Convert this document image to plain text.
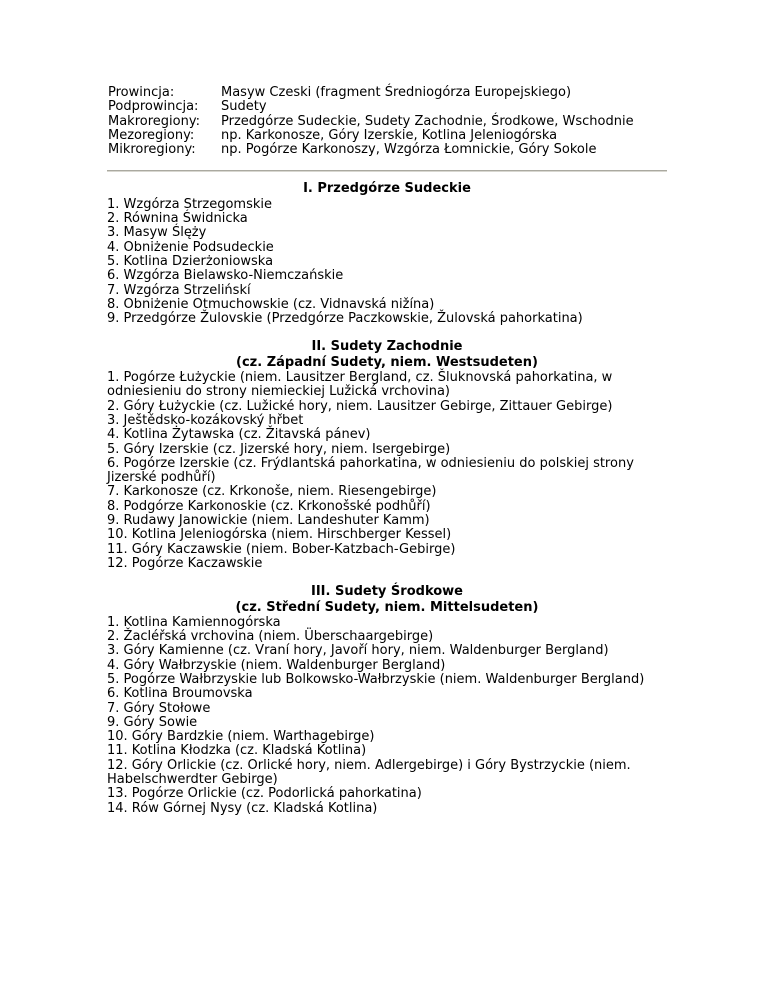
Prowincja:	Masyw Czeski (fragment Średniogórza Europejskiego)
Podprowincja:	Sudety
Makroregiony:	Przedgórze Sudeckie, Sudety Zachodnie, Środkowe, Wschodnie
Mezoregiony:	np. Karkonosze, Góry Izerskie, Kotlina Jeleniogórska
Mikroregiony:	np. Pogórze Karkonoszy, Wzgórza Łomnickie, Góry Sokole
I. Przedgórze Sudeckie
1. Wzgórza Strzegomskie
2. Równina Świdnicka
3. Masyw Ślęży
4. Obniżenie Podsudeckie
5. Kotlina Dzierżoniowska
6. Wzgórza Bielawsko-Niemczańskie
7. Wzgórza Strzelińskí
8. Obniżenie Otmuchowskie (cz. Vidnavská nižína)
9. Przedgórze Žulovskie (Przedgórze Paczkowskie, Žulovská pahorkatina)
II. Sudety Zachodnie
(cz. Západní Sudety, niem. Westsudeten)
1. Pogórze Łużyckie (niem. Lausitzer Bergland, cz. Šluknovská pahorkatina, w odniesieniu do strony niemieckiej Lužická vrchovina)
2. Góry Łużyckie (cz. Lužické hory, niem. Lausitzer Gebirge, Zittauer Gebirge)
3. Ještědsko-kozákovský hřbet
4. Kotlina Żytawska (cz. Žitavská pánev)
5. Góry Izerskie (cz. Jizerské hory, niem. Isergebirge)
6. Pogórze Izerskie (cz. Frýdlantská pahorkatina, w odniesieniu do polskiej strony Jizerské podhůří)
7. Karkonosze (cz. Krkonoše, niem. Riesengebirge)
8. Podgórze Karkonoskie (cz. Krkonošské podhůří)
9. Rudawy Janowickie (niem. Landeshuter Kamm)
10. Kotlina Jeleniogórska (niem. Hirschberger Kessel)
11. Góry Kaczawskie (niem. Bober-Katzbach-Gebirge)
12. Pogórze Kaczawskie
III. Sudety Środkowe
(cz. Střední Sudety, niem. Mittelsudeten)
1. Kotlina Kamiennogórska
2. Žacléřská vrchovina (niem. Überschaargebirge)
3. Góry Kamienne (cz. Vraní hory, Javoří hory, niem. Waldenburger Bergland)
4. Góry Wałbrzyskie (niem. Waldenburger Bergland)
5. Pogórze Wałbrzyskie lub Bolkowsko-Wałbrzyskie (niem. Waldenburger Bergland)
6. Kotlina Broumovska
7. Góry Stołowe
9. Góry Sowie
10. Góry Bardzkie (niem. Warthagebirge)
11. Kotlina Kłodzka (cz. Kladská Kotlina)
12. Góry Orlickie (cz. Orlické hory, niem. Adlergebirge) i Góry Bystrzyckie (niem. Habelschwerdter Gebirge)
13. Pogórze Orlickie (cz. Podorlická pahorkatina)
14. Rów Górnej Nysy (cz. Kladská Kotlina)
